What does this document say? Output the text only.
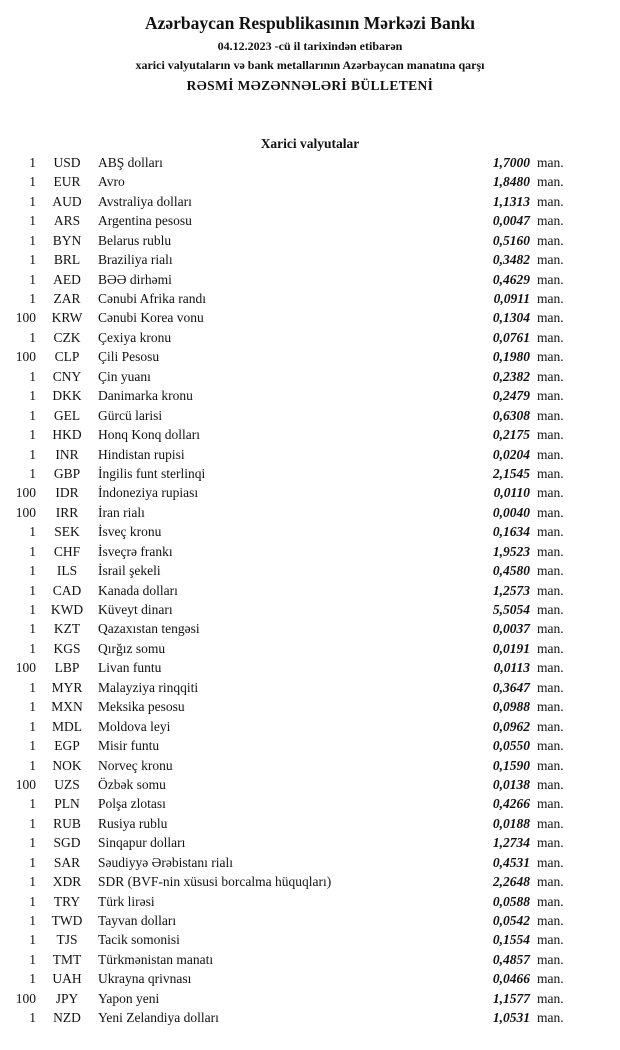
Azərbaycan Respublikasının Mərkəzi Bankı
04.12.2023 -cü il tarixindən etibarən
xarici valyutaların və bank metallarının Azərbaycan manatına qarşı
RƏSMİ MƏZƏNNƏLƏRİ BÜLLETENİ
Xarici valyutalar
1	USD	ABŞ dolları	1,7000 man.
1	EUR	Avro	1,8480 man.
1	AUD	Avstraliya dolları	1,1313 man.
1	ARS	Argentina pesosu	0,0047 man.
1	BYN	Belarus rublu	0,5160 man.
1	BRL	Braziliya rialı	0,3482 man.
1	AED	BƏƏ dirhəmi	0,4629 man.
1	ZAR	Cənubi Afrika randı	0,0911 man.
100	KRW	Cənubi Korea vonu	0,1304 man.
1	CZK	Çexiya kronu	0,0761 man.
100	CLP	Çili Pesosu	0,1980 man.
1	CNY	Çin yuanı	0,2382 man.
1	DKK	Danimarka kronu	0,2479 man.
1	GEL	Gürcü larisi	0,6308 man.
1	HKD	Honq Konq dolları	0,2175 man.
1	INR	Hindistan rupisi	0,0204 man.
1	GBP	İngilis funt sterlinqi	2,1545 man.
100	IDR	İndoneziya rupiası	0,0110 man.
100	IRR	İran rialı	0,0040 man.
1	SEK	İsveç kronu	0,1634 man.
1	CHF	İsveçrə frankı	1,9523 man.
1	ILS	İsrail şekeli	0,4580 man.
1	CAD	Kanada dolları	1,2573 man.
1	KWD	Küveyt dinarı	5,5054 man.
1	KZT	Qazaxıstan tengəsi	0,0037 man.
1	KGS	Qırğız somu	0,0191 man.
100	LBP	Livan funtu	0,0113 man.
1	MYR	Malayziya rinqqiti	0,3647 man.
1	MXN	Meksika pesosu	0,0988 man.
1	MDL	Moldova leyi	0,0962 man.
1	EGP	Misir funtu	0,0550 man.
1	NOK	Norveç kronu	0,1590 man.
100	UZS	Özbək somu	0,0138 man.
1	PLN	Polşa zlotası	0,4266 man.
1	RUB	Rusiya rublu	0,0188 man.
1	SGD	Sinqapur dolları	1,2734 man.
1	SAR	Səudiyyə Ərəbistanı rialı	0,4531 man.
1	XDR	SDR (BVF-nin xüsusi borcalma hüquqları)	2,2648 man.
1	TRY	Türk lirəsi	0,0588 man.
1	TWD	Tayvan dolları	0,0542 man.
1	TJS	Tacik somonisi	0,1554 man.
1	TMT	Türkmənistan manatı	0,4857 man.
1	UAH	Ukrayna qrivnası	0,0466 man.
100	JPY	Yapon yeni	1,1577 man.
1	NZD	Yeni Zelandiya dolları	1,0531 man.
